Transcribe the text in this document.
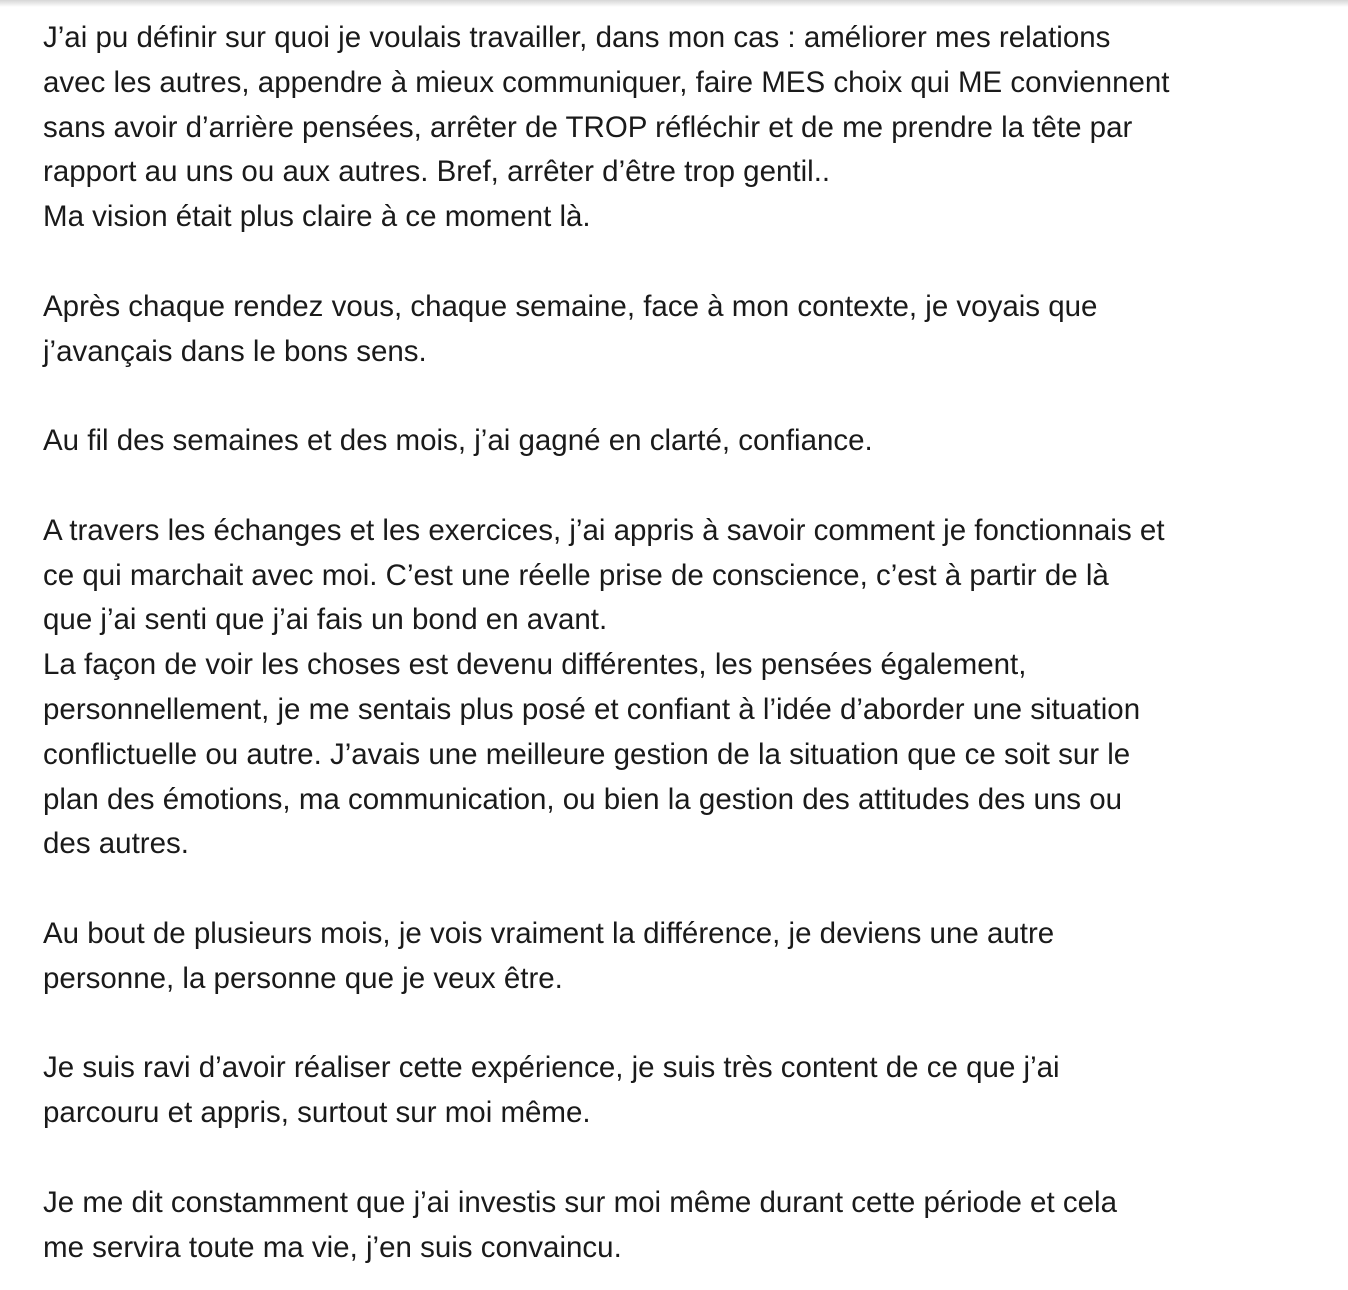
J’ai pu définir sur quoi je voulais travailler, dans mon cas : améliorer mes relations
avec les autres, appendre à mieux communiquer, faire MES choix qui ME conviennent
sans avoir d’arrière pensées, arrêter de TROP réfléchir et de me prendre la tête par
rapport au uns ou aux autres. Bref, arrêter d’être trop gentil..
Ma vision était plus claire à ce moment là.

Après chaque rendez vous, chaque semaine, face à mon contexte, je voyais que
j’avançais dans le bons sens.

Au fil des semaines et des mois, j’ai gagné en clarté, confiance.

A travers les échanges et les exercices, j’ai appris à savoir comment je fonctionnais et
ce qui marchait avec moi. C’est une réelle prise de conscience, c’est à partir de là
que j’ai senti que j’ai fais un bond en avant.
La façon de voir les choses est devenu différentes, les pensées également,
personnellement, je me sentais plus posé et confiant à l’idée d’aborder une situation
conflictuelle ou autre. J’avais une meilleure gestion de la situation que ce soit sur le
plan des émotions, ma communication, ou bien la gestion des attitudes des uns ou
des autres.

Au bout de plusieurs mois, je vois vraiment la différence, je deviens une autre
personne, la personne que je veux être.

Je suis ravi d’avoir réaliser cette expérience, je suis très content de ce que j’ai
parcouru et appris, surtout sur moi même.

Je me dit constamment que j’ai investis sur moi même durant cette période et cela
me servira toute ma vie, j’en suis convaincu.
